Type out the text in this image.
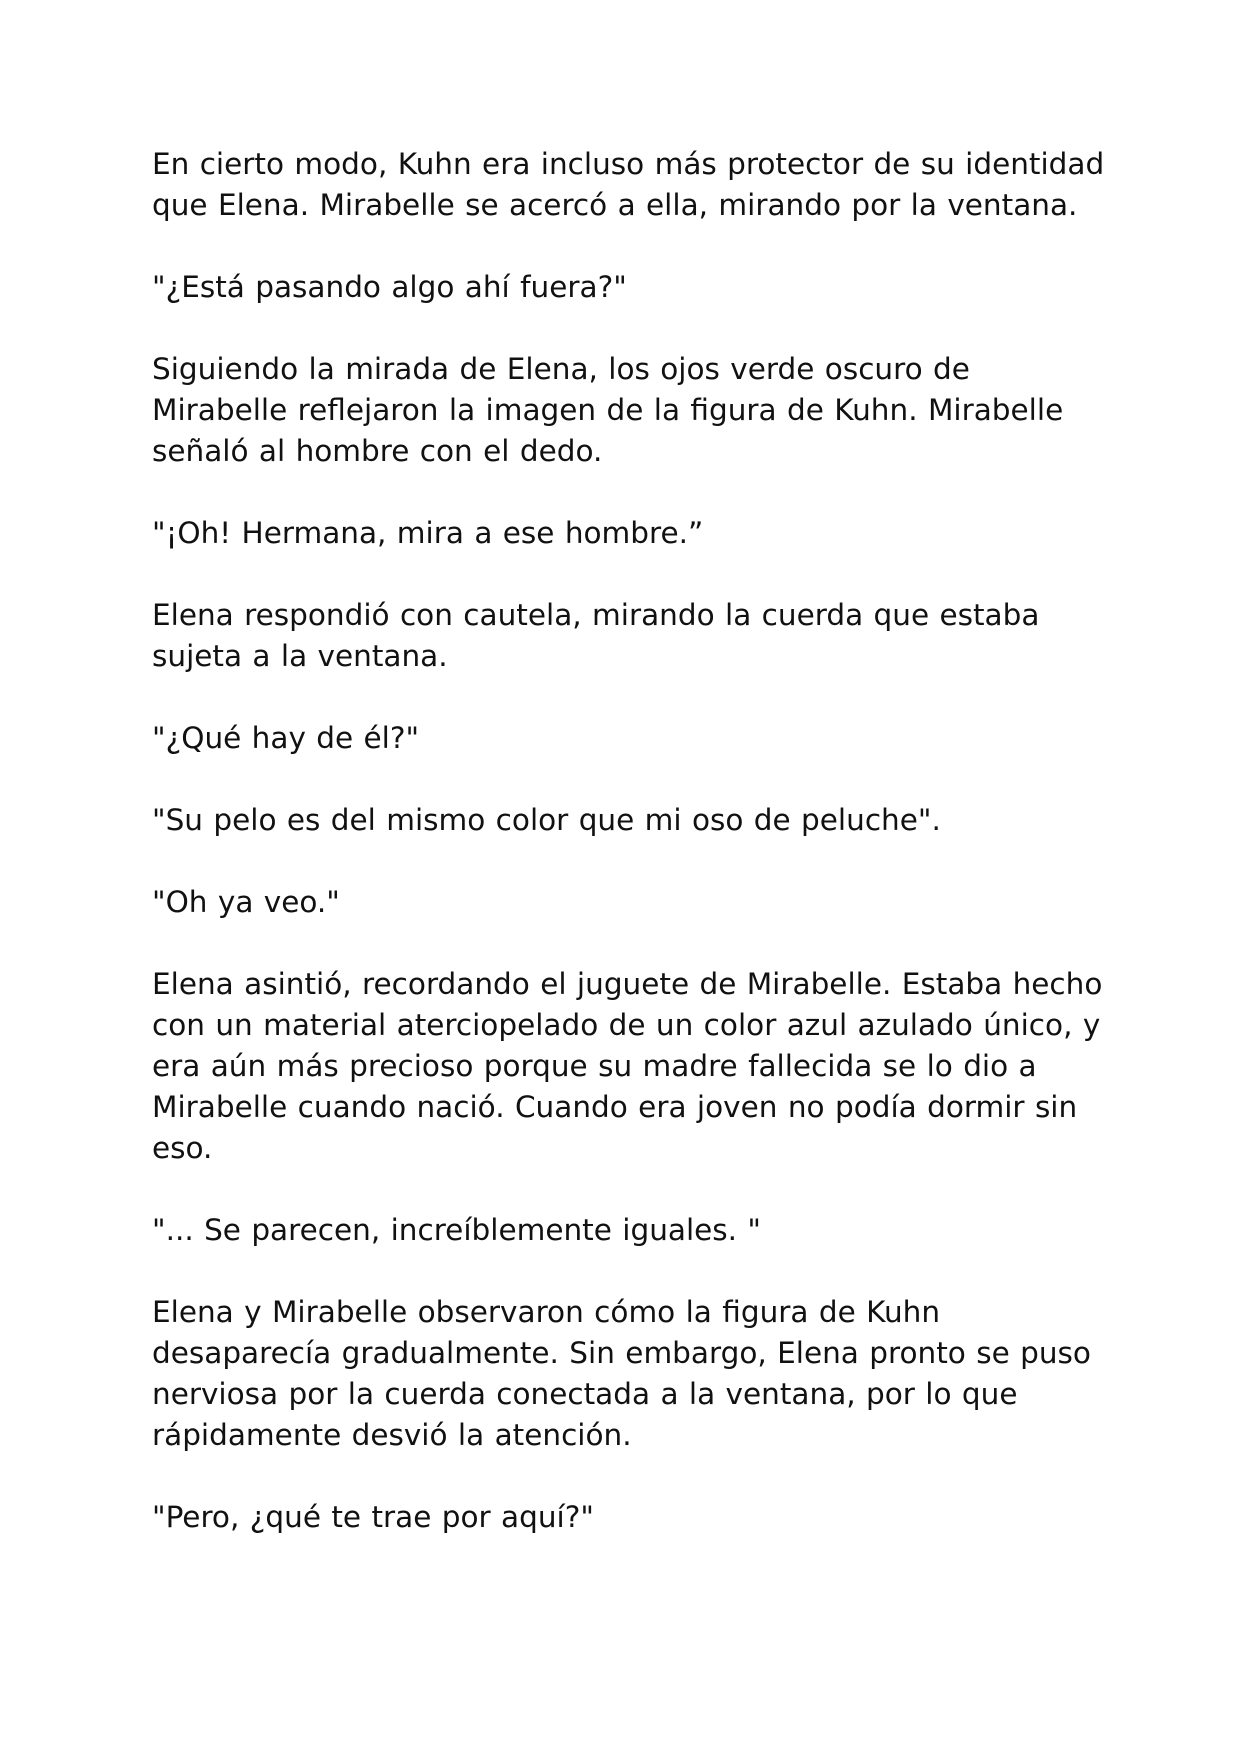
En cierto modo, Kuhn era incluso más protector de su identidad
que Elena. Mirabelle se acercó a ella, mirando por la ventana.

"¿Está pasando algo ahí fuera?"

Siguiendo la mirada de Elena, los ojos verde oscuro de
Mirabelle reflejaron la imagen de la figura de Kuhn. Mirabelle
señaló al hombre con el dedo.

"¡Oh! Hermana, mira a ese hombre.”

Elena respondió con cautela, mirando la cuerda que estaba
sujeta a la ventana.

"¿Qué hay de él?"

"Su pelo es del mismo color que mi oso de peluche".

"Oh ya veo."

Elena asintió, recordando el juguete de Mirabelle. Estaba hecho
con un material aterciopelado de un color azul azulado único, y
era aún más precioso porque su madre fallecida se lo dio a
Mirabelle cuando nació. Cuando era joven no podía dormir sin
eso.

"... Se parecen, increíblemente iguales. "

Elena y Mirabelle observaron cómo la figura de Kuhn
desaparecía gradualmente. Sin embargo, Elena pronto se puso
nerviosa por la cuerda conectada a la ventana, por lo que
rápidamente desvió la atención.

"Pero, ¿qué te trae por aquí?"
